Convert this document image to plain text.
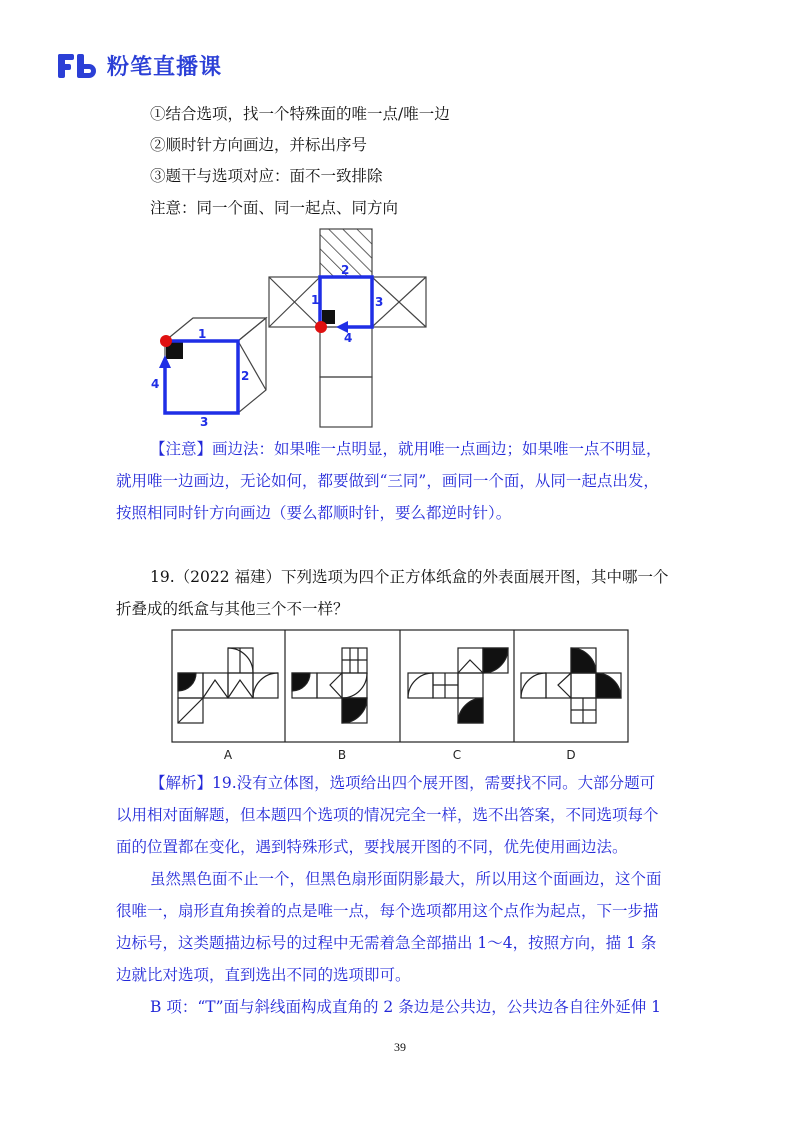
粉笔直播课
①结合选项，找一个特殊面的唯一点/唯一边
②顺时针方向画边，并标出序号
③题干与选项对应：面不一致排除
注意：同一个面、同一起点、同方向
1
2
3
4
2
3
4
1
【注意】画边法：如果唯一点明显，就用唯一点画边；如果唯一点不明显，
就用唯一边画边，无论如何，都要做到“三同”，画同一个面，从同一起点出发，
按照相同时针方向画边（要么都顺时针，要么都逆时针）。
19.（2022 福建）下列选项为四个正方体纸盒的外表面展开图，其中哪一个
折叠成的纸盒与其他三个不一样？
A	B	C	D
【解析】19.没有立体图，选项给出四个展开图，需要找不同。大部分题可
以用相对面解题，但本题四个选项的情况完全一样，选不出答案，不同选项每个
面的位置都在变化，遇到特殊形式，要找展开图的不同，优先使用画边法。
虽然黑色面不止一个，但黑色扇形面阴影最大，所以用这个面画边，这个面
很唯一，扇形直角挨着的点是唯一点，每个选项都用这个点作为起点，下一步描
边标号，这类题描边标号的过程中无需着急全部描出 1～4，按照方向，描 1 条
边就比对选项，直到选出不同的选项即可。
B 项：“T”面与斜线面构成直角的 2 条边是公共边，公共边各自往外延伸 1
39
